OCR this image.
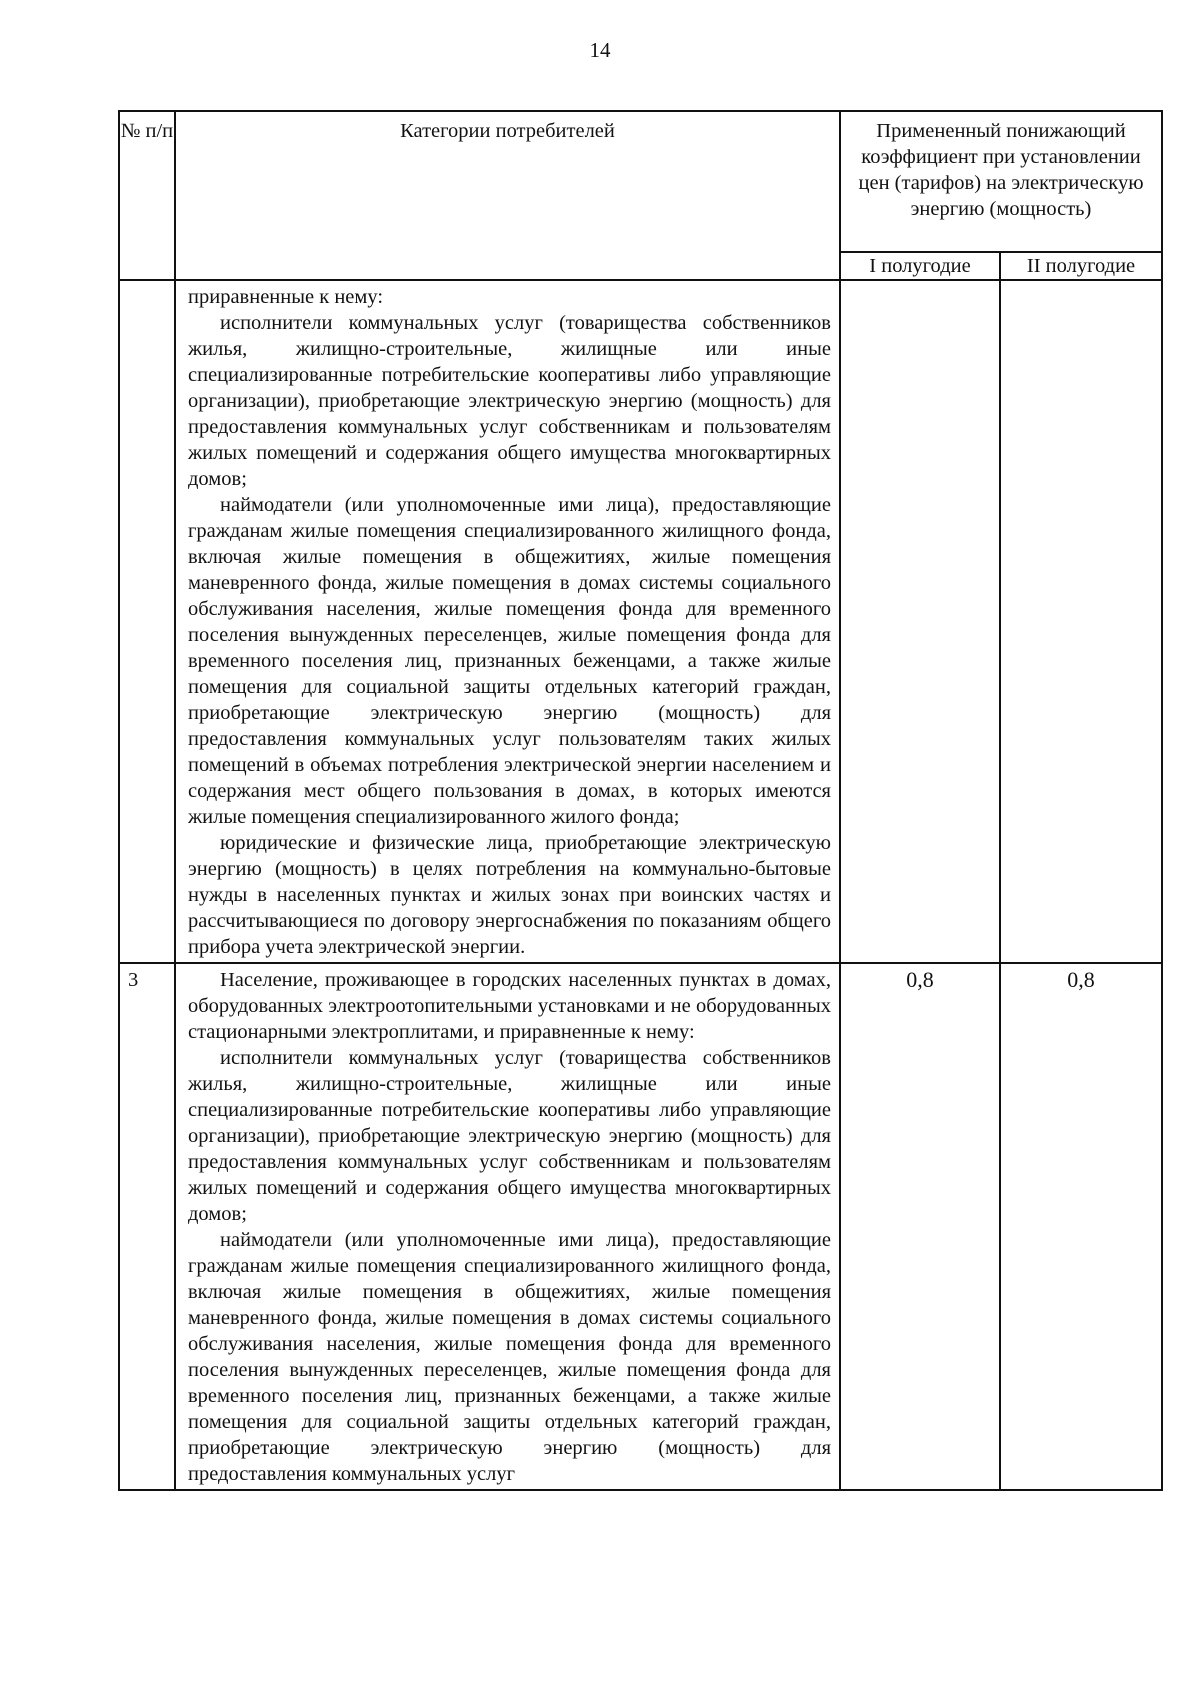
14
№ п/п	Категории потребителей	Примененный понижающий коэффициент при установлении цен (тарифов) на электрическую энергию (мощность)	
		I полугодие	II полугодие

	приравненные к нему:

исполнители коммунальных услуг (товарищества собственников жилья, жилищно-строительные, жилищные или иные специализированные потребительские кооперативы либо управляющие организации), приобретающие электрическую энергию (мощность) для предоставления коммунальных услуг собственникам и пользователям жилых помещений и содержания общего имущества многоквартирных домов;

наймодатели (или уполномоченные ими лица), предоставляющие гражданам жилые помещения специализированного жилищного фонда, включая жилые помещения в общежитиях, жилые помещения маневренного фонда, жилые помещения в домах системы социального обслуживания населения, жилые помещения фонда для временного поселения вынужденных переселенцев, жилые помещения фонда для временного поселения лиц, признанных беженцами, а также жилые помещения для социальной защиты отдельных категорий граждан, приобретающие электрическую энергию (мощность) для предоставления коммунальных услуг пользователям таких жилых помещений в объемах потребления электрической энергии населением и содержания мест общего пользования в домах, в которых имеются жилые помещения специализированного жилого фонда;

юридические и физические лица, приобретающие электрическую энергию (мощность) в целях потребления на коммунально-бытовые нужды в населенных пунктах и жилых зонах при воинских частях и рассчитывающиеся по договору энергоснабжения по показаниям общего прибора учета электрической энергии.		

3	Население, проживающее в городских населенных пунктах в домах, оборудованных электроотопительными установками и не оборудованных стационарными электроплитами, и приравненные к нему:

исполнители коммунальных услуг (товарищества собственников жилья, жилищно-строительные, жилищные или иные специализированные потребительские кооперативы либо управляющие организации), приобретающие электрическую энергию (мощность) для предоставления коммунальных услуг собственникам и пользователям жилых помещений и содержания общего имущества многоквартирных домов;

наймодатели (или уполномоченные ими лица), предоставляющие гражданам жилые помещения специализированного жилищного фонда, включая жилые помещения в общежитиях, жилые помещения маневренного фонда, жилые помещения в домах системы социального обслуживания населения, жилые помещения фонда для временного поселения вынужденных переселенцев, жилые помещения фонда для временного поселения лиц, признанных беженцами, а также жилые помещения для социальной защиты отдельных категорий граждан, приобретающие электрическую энергию (мощность) для предоставления коммунальных услуг	0,8	0,8
